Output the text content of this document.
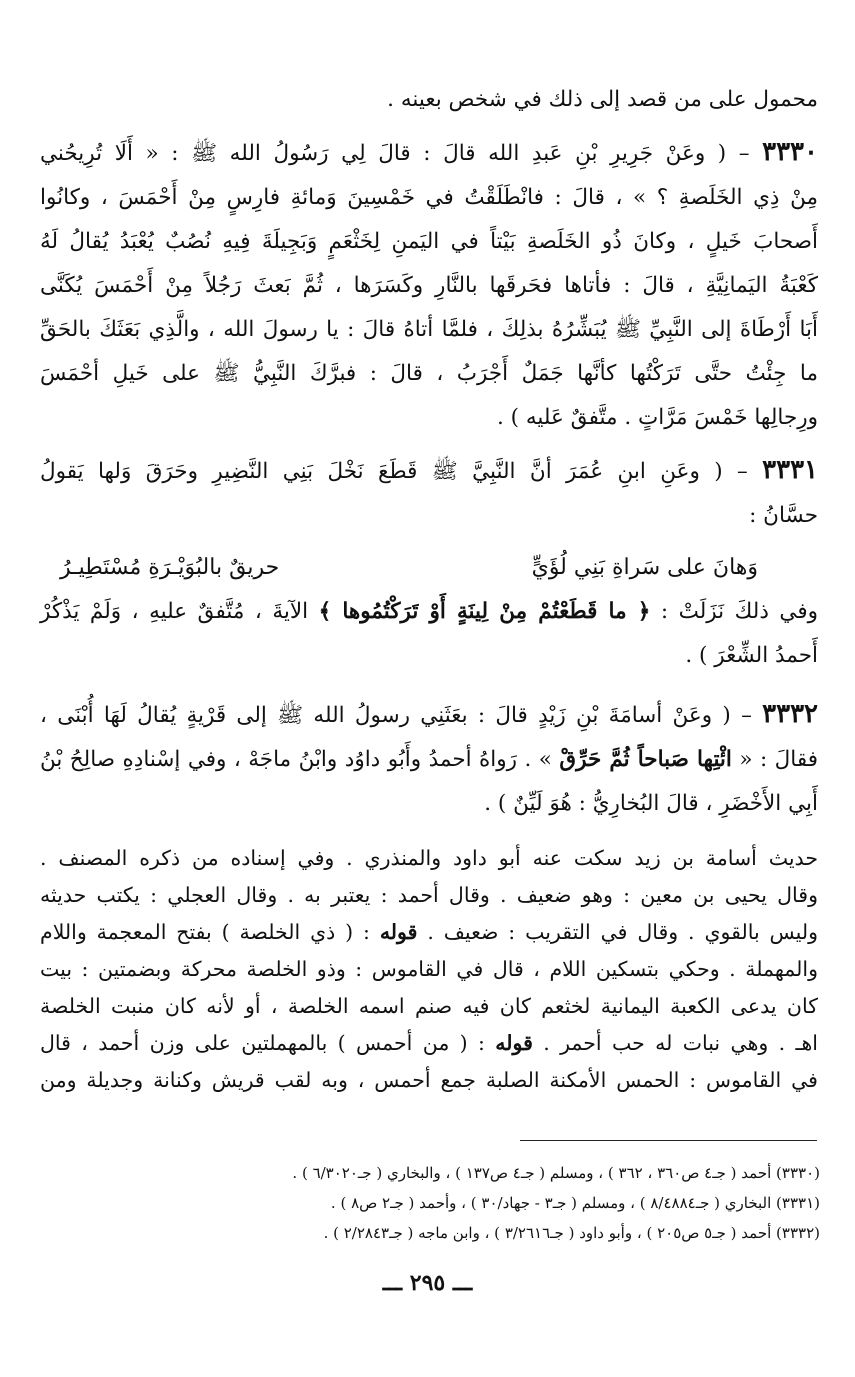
محمول على من قصد إلى ذلك في شخص بعينه .

٣٣٣٠ – ( وعَنْ جَرِيرِ بْنِ عَبدِ الله قالَ : قالَ لِي رَسُولُ الله ﷺ : « أَلَا تُرِيحُني

مِنْ ذِي الخَلَصةِ ؟ » ، قالَ : فانْطَلَقْتُ في خَمْسِينَ وَمائةِ فارِسٍ مِنْ أَحْمَسَ ، وكانُوا

أَصحابَ خَيلٍ ، وكانَ ذُو الخَلَصةِ بَيْتاً في اليَمنِ لِخَثْعَمٍ وَبَجِيلَةَ فِيهِ نُصُبٌ يُعْبَدُ يُقالُ لَهُ

كَعْبَةُ اليَمانِيَّةِ ، قالَ : فأتاها فحَرقَها بالنَّارِ وكَسَرَها ، ثُمَّ بَعثَ رَجُلاً مِنْ أَحْمَسَ يُكَنَّى

أَبَا أَرْطَاةَ إلى النَّبِيِّ ﷺ يُبَشِّرُهُ بذلِكَ ، فلمَّا أتاهُ قالَ : يا رسولَ الله ، والَّذِي بَعَثَكَ بالحَقِّ

ما جِئْتُ حتَّى تَرَكْتُها كأنَّها جَمَلٌ أَجْرَبُ ، قالَ : فبرَّكَ النَّبِيُّ ﷺ على خَيلِ أحْمَسَ

ورِجالِها خَمْسَ مَرَّاتٍ . متَّفقٌ عَليه ) .

٣٣٣١ – ( وعَنِ ابنِ عُمَرَ أنَّ النَّبِيَّ ﷺ قَطَعَ نَخْلَ بَنِي النَّضِيرِ وحَرَقَ وَلها يَقولُ

حسَّانُ :

وَهانَ على سَراةِ بَنِي لُؤَيٍّ
حريقٌ بالبُوَيْـرَةِ مُسْتَطِيـرُ

وفي ذلكَ نَزَلَتْ : ﴿ ما قَطَعْتُمْ مِنْ لِينَةٍ أَوْ تَرَكْتُمُوها ﴾ الآيةَ ، مُتَّفقٌ عليهِ ، وَلَمْ يَذْكُرْ

أَحمدُ الشِّعْرَ ) .

٣٣٣٢ – ( وعَنْ أسامَةَ بْنِ زَيْدٍ قالَ : بعَثَنِي رسولُ الله ﷺ إلى قَرْيةٍ يُقالُ لَهَا أُبْنَى ،

فقالَ : « ائْتِها صَباحاً ثُمَّ حَرِّقْ » . رَواهُ أحمدُ وأَبُو داوُد وابْنُ ماجَهْ ، وفي إسْنادِهِ صالِحُ بْنُ

أَبِي الأَخْضَرِ ، قالَ البُخارِيُّ : هُوَ لَيِّنٌ ) .

حديث أسامة بن زيد سكت عنه أبو داود والمنذري . وفي إسناده من ذكره المصنف .

وقال يحيى بن معين : وهو ضعيف . وقال أحمد : يعتبر به . وقال العجلي : يكتب حديثه

وليس بالقوي . وقال في التقريب : ضعيف . قوله : ( ذي الخلصة ) بفتح المعجمة واللام

والمهملة . وحكي بتسكين اللام ، قال في القاموس : وذو الخلصة محركة وبضمتين : بيت

كان يدعى الكعبة اليمانية لخثعم كان فيه صنم اسمه الخلصة ، أو لأنه كان منبت الخلصة

اهـ . وهي نبات له حب أحمر . قوله : ( من أحمس ) بالمهملتين على وزن أحمد ، قال

في القاموس : الحمس الأمكنة الصلبة جمع أحمس ، وبه لقب قريش وكنانة وجديلة ومن

(٣٣٣٠) أحمد ( جـ٤ ص٣٦٠ ، ٣٦٢ ) ، ومسلم ( جـ٤ ص١٣٧ ) ، والبخاري ( جـ٦/٣٠٢٠ ) .

(٣٣٣١) البخاري ( جـ٨/٤٨٨٤ ) ، ومسلم ( جـ٣ - جهاد/٣٠ ) ، وأحمد ( جـ٢ ص٨ ) .

(٣٣٣٢) أحمد ( جـ٥ ص٢٠٥ ) ، وأبو داود ( جـ٣/٢٦١٦ ) ، وابن ماجه ( جـ٢/٢٨٤٣ ) .

ـــ ٢٩٥ ـــ
